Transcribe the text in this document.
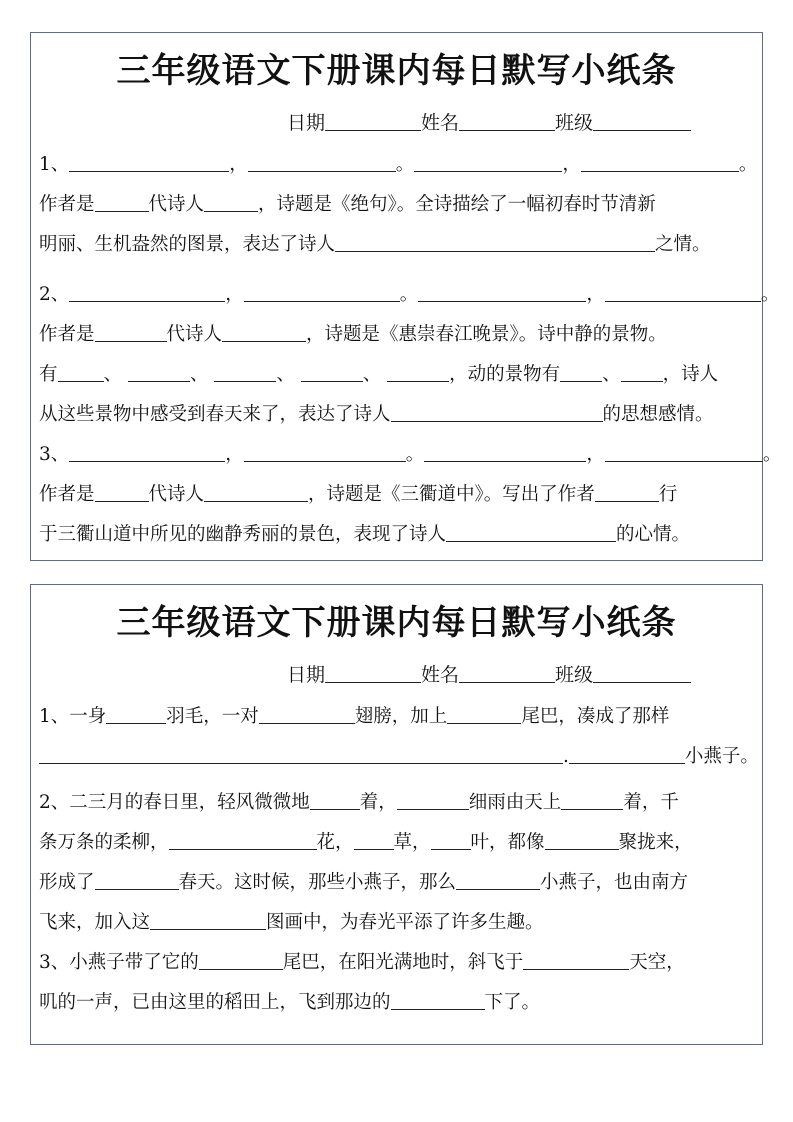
三年级语文下册课内每日默写小纸条
日期	姓名	班级
1、	，	。	，	。
作者是	代诗人	，诗题是《绝句》。全诗描绘了一幅初春时节清新
明丽、生机盎然的图景，表达了诗人	之情。
2、	，	。	，	。
作者是	代诗人	，诗题是《惠崇春江晚景》。诗中静的景物。
有 、	、	、	、	，动的景物有 、 ，诗人
从这些景物中感受到春天来了，表达了诗人	的思想感情。
3、	，	。	，	。
作者是	代诗人	，诗题是《三衢道中》。写出了作者	行
于三衢山道中所见的幽静秀丽的景色，表现了诗人	的心情。
三年级语文下册课内每日默写小纸条
日期	姓名	班级
1、一身	羽毛，一对	翅膀，加上	尾巴，凑成了那样
.	小燕子。
2、二三月的春日里，轻风微微地	着，	细雨由天上	着，千
条万条的柔柳，	花， 草， 叶，都像	聚拢来，
形成了	春天。这时候，那些小燕子，那么	小燕子，也由南方
飞来，加入这	图画中，为春光平添了许多生趣。
3、小燕子带了它的	尾巴，在阳光满地时，斜飞于	天空，
叽的一声，已由这里的稻田上，飞到那边的	下了。
